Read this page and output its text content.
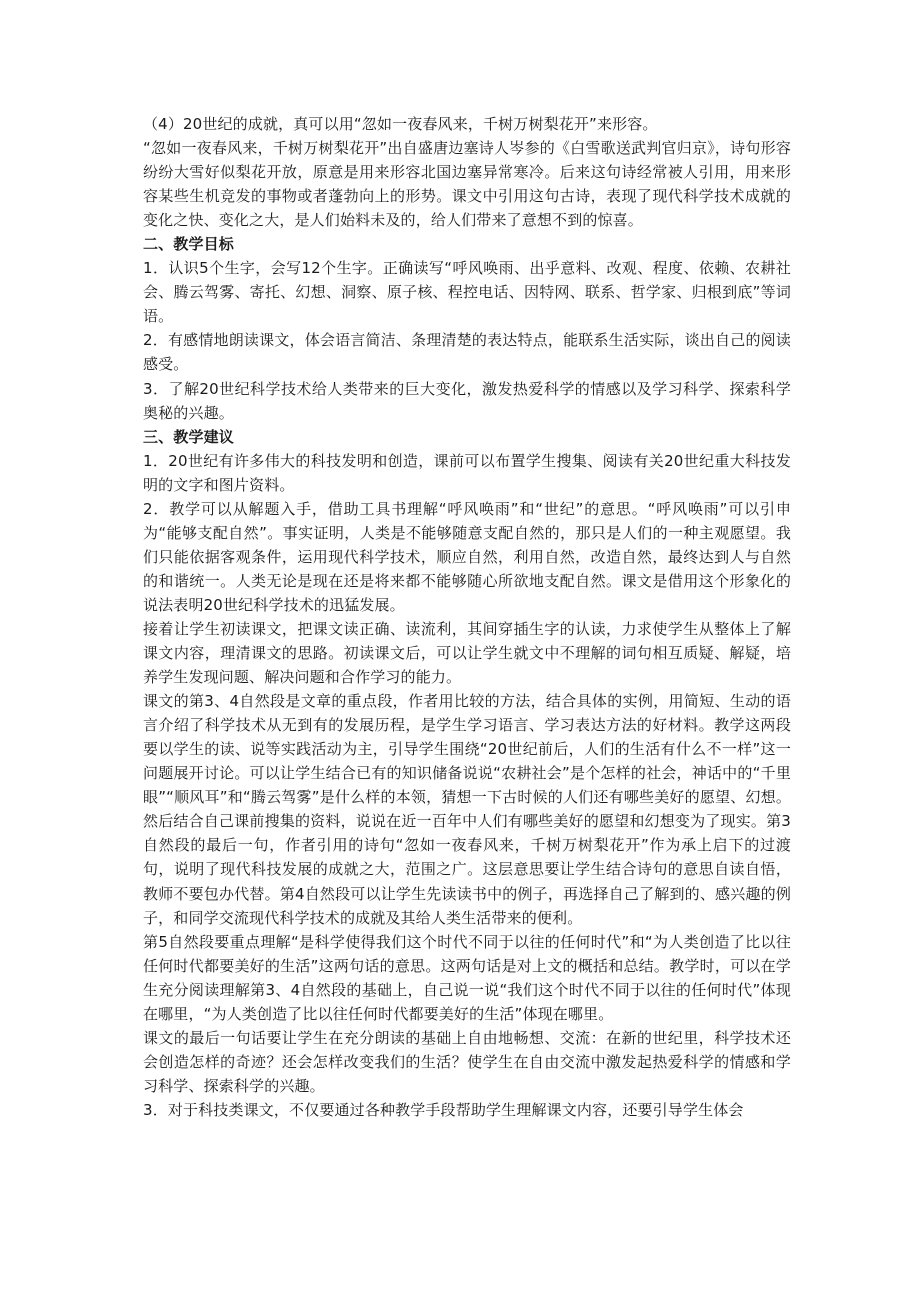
（4）20世纪的成就，真可以用“忽如一夜春风来，千树万树梨花开”来形容。

“忽如一夜春风来，千树万树梨花开”出自盛唐边塞诗人岑参的《白雪歌送武判官归京》，诗句形容纷纷大雪好似梨花开放，原意是用来形容北国边塞异常寒冷。后来这句诗经常被人引用，用来形容某些生机竞发的事物或者蓬勃向上的形势。课文中引用这句古诗，表现了现代科学技术成就的变化之快、变化之大，是人们始料未及的，给人们带来了意想不到的惊喜。

二、教学目标

1．认识5个生字，会写12个生字。正确读写“呼风唤雨、出乎意料、改观、程度、依赖、农耕社会、腾云驾雾、寄托、幻想、洞察、原子核、程控电话、因特网、联系、哲学家、归根到底”等词语。

2．有感情地朗读课文，体会语言简洁、条理清楚的表达特点，能联系生活实际，谈出自己的阅读感受。

3．了解20世纪科学技术给人类带来的巨大变化，激发热爱科学的情感以及学习科学、探索科学奥秘的兴趣。

三、教学建议

1．20世纪有许多伟大的科技发明和创造，课前可以布置学生搜集、阅读有关20世纪重大科技发明的文字和图片资料。

2．教学可以从解题入手，借助工具书理解“呼风唤雨”和“世纪”的意思。“呼风唤雨”可以引申为“能够支配自然”。事实证明，人类是不能够随意支配自然的，那只是人们的一种主观愿望。我们只能依据客观条件，运用现代科学技术，顺应自然，利用自然，改造自然，最终达到人与自然的和谐统一。人类无论是现在还是将来都不能够随心所欲地支配自然。课文是借用这个形象化的说法表明20世纪科学技术的迅猛发展。

接着让学生初读课文，把课文读正确、读流利，其间穿插生字的认读，力求使学生从整体上了解课文内容，理清课文的思路。初读课文后，可以让学生就文中不理解的词句相互质疑、解疑，培养学生发现问题、解决问题和合作学习的能力。

课文的第3、4自然段是文章的重点段，作者用比较的方法，结合具体的实例，用简短、生动的语言介绍了科学技术从无到有的发展历程，是学生学习语言、学习表达方法的好材料。教学这两段要以学生的读、说等实践活动为主，引导学生围绕“20世纪前后，人们的生活有什么不一样”这一问题展开讨论。可以让学生结合已有的知识储备说说“农耕社会”是个怎样的社会，神话中的“千里眼”“顺风耳”和“腾云驾雾”是什么样的本领，猜想一下古时候的人们还有哪些美好的愿望、幻想。然后结合自己课前搜集的资料，说说在近一百年中人们有哪些美好的愿望和幻想变为了现实。第3自然段的最后一句，作者引用的诗句“忽如一夜春风来，千树万树梨花开”作为承上启下的过渡句，说明了现代科技发展的成就之大，范围之广。这层意思要让学生结合诗句的意思自读自悟，教师不要包办代替。第4自然段可以让学生先读读书中的例子，再选择自己了解到的、感兴趣的例子，和同学交流现代科学技术的成就及其给人类生活带来的便利。

第5自然段要重点理解“是科学使得我们这个时代不同于以往的任何时代”和“为人类创造了比以往任何时代都要美好的生活”这两句话的意思。这两句话是对上文的概括和总结。教学时，可以在学生充分阅读理解第3、4自然段的基础上，自己说一说“我们这个时代不同于以往的任何时代”体现在哪里，“为人类创造了比以往任何时代都要美好的生活”体现在哪里。

课文的最后一句话要让学生在充分朗读的基础上自由地畅想、交流：在新的世纪里，科学技术还会创造怎样的奇迹？还会怎样改变我们的生活？使学生在自由交流中激发起热爱科学的情感和学习科学、探索科学的兴趣。

3．对于科技类课文，不仅要通过各种教学手段帮助学生理解课文内容，还要引导学生体会
